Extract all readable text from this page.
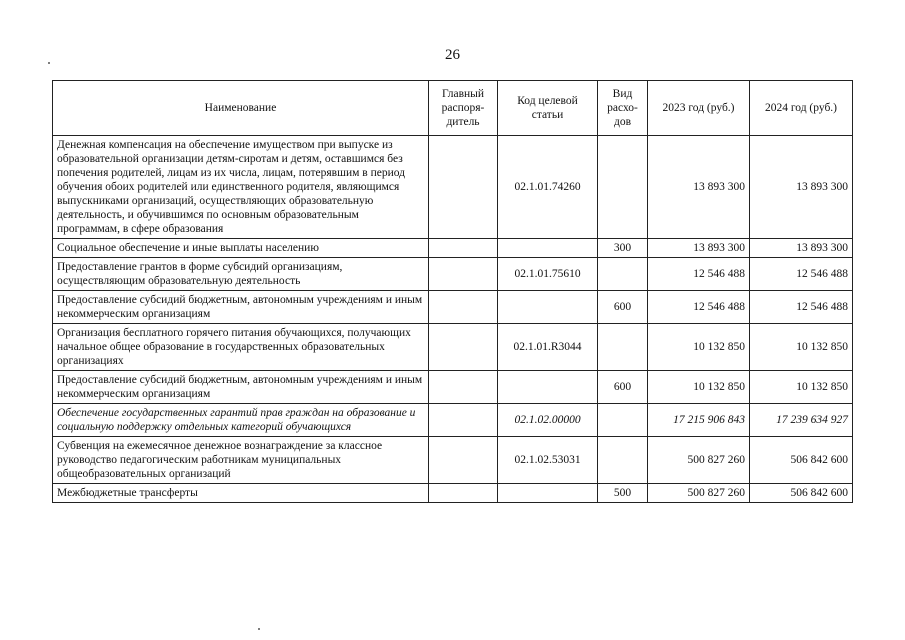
26
Наименование	Главный распоря-дитель	Код целевой статьи	Вид расхо-дов	2023 год (руб.)	2024 год (руб.)
Денежная компенсация на обеспечение имуществом при выпуске из образовательной организации детям-сиротам и детям, оставшимся без попечения родителей, лицам из их числа, лицам, потерявшим в период обучения обоих родителей или единственного родителя, являющимся выпускниками организаций, осуществляющих образовательную деятельность, и обучившимся по основным образовательным программам, в сфере образования		02.1.01.74260		13 893 300	13 893 300
Социальное обеспечение и иные выплаты населению			300	13 893 300	13 893 300
Предоставление грантов в форме субсидий организациям, осуществляющим образовательную деятельность		02.1.01.75610		12 546 488	12 546 488
Предоставление субсидий бюджетным, автономным учреждениям и иным некоммерческим организациям			600	12 546 488	12 546 488
Организация бесплатного горячего питания обучающихся, получающих начальное общее образование в государственных образовательных организациях		02.1.01.R3044		10 132 850	10 132 850
Предоставление субсидий бюджетным, автономным учреждениям и иным некоммерческим организациям			600	10 132 850	10 132 850
Обеспечение государственных гарантий прав граждан на образование и социальную поддержку отдельных категорий обучающихся		02.1.02.00000		17 215 906 843	17 239 634 927
Субвенция на ежемесячное денежное вознаграждение за классное руководство педагогическим работникам муниципальных общеобразовательных организаций		02.1.02.53031		500 827 260	506 842 600
Межбюджетные трансферты			500	500 827 260	506 842 600
